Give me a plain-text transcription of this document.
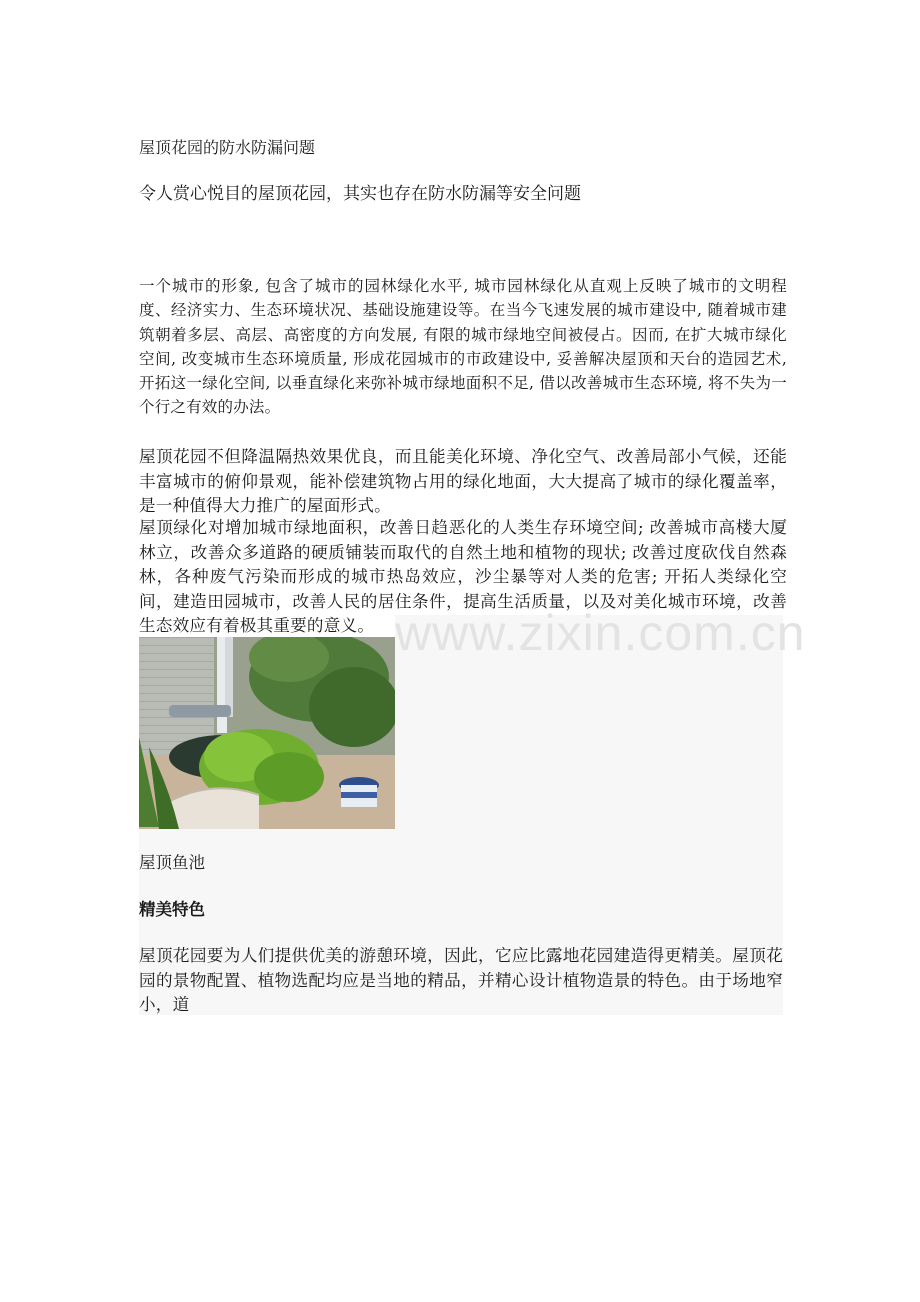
屋顶花园的防水防漏问题
令人赏心悦目的屋顶花园，其实也存在防水防漏等安全问题

一个城市的形象, 包含了城市的园林绿化水平, 城市园林绿化从直观上反映了城市的文明程度、经济实力、生态环境状况、基础设施建设等。在当今飞速发展的城市建设中, 随着城市建筑朝着多层、高层、高密度的方向发展, 有限的城市绿地空间被侵占。因而, 在扩大城市绿化空间, 改变城市生态环境质量, 形成花园城市的市政建设中, 妥善解决屋顶和天台的造园艺术, 开拓这一绿化空间, 以垂直绿化来弥补城市绿地面积不足, 借以改善城市生态环境, 将不失为一个行之有效的办法。

屋顶花园不但降温隔热效果优良，而且能美化环境、净化空气、改善局部小气候，还能丰富城市的俯仰景观，能补偿建筑物占用的绿化地面，大大提高了城市的绿化覆盖率，是一种值得大力推广的屋面形式。

屋顶绿化对增加城市绿地面积，改善日趋恶化的人类生存环境空间; 改善城市高楼大厦林立，改善众多道路的硬质铺装而取代的自然土地和植物的现状; 改善过度砍伐自然森林，各种废气污染而形成的城市热岛效应，沙尘暴等对人类的危害; 开拓人类绿化空间，建造田园城市，改善人民的居住条件，提高生活质量，以及对美化城市环境，改善生态效应有着极其重要的意义。 www.zixin.com.cn
屋顶鱼池
精美特色

屋顶花园要为人们提供优美的游憩环境，因此，它应比露地花园建造得更精美。屋顶花园的景物配置、植物选配均应是当地的精品，并精心设计植物造景的特色。由于场地窄小，道
